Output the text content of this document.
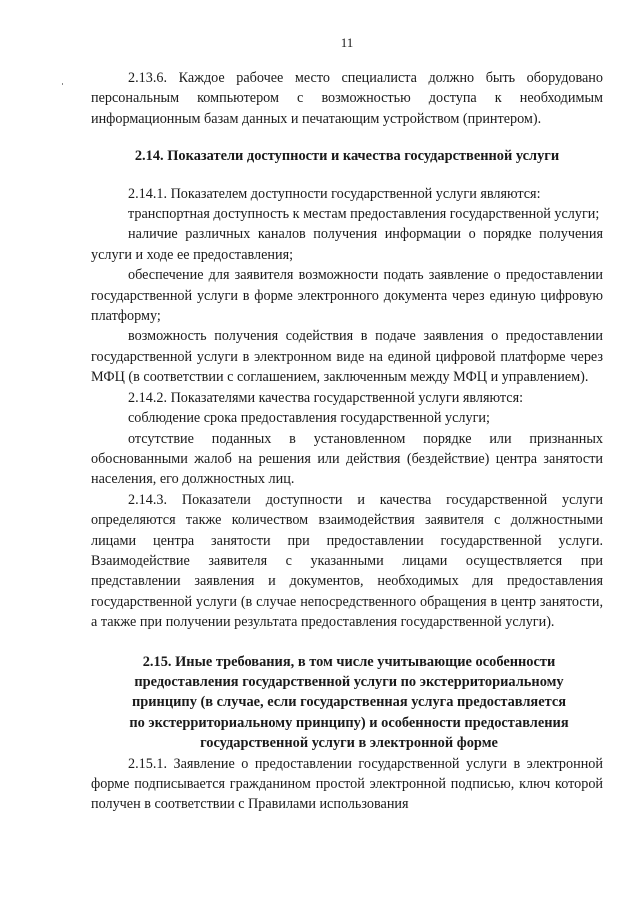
11

2.13.6. Каждое рабочее место специалиста должно быть оборудовано персональным компьютером с возможностью доступа к необходимым информационным базам данных и печатающим устройством (принтером).

2.14. Показатели доступности и качества государственной услуги

2.14.1. Показателем доступности государственной услуги являются:

транспортная доступность к местам предоставления государственной услуги;

наличие различных каналов получения информации о порядке получения услуги и ходе ее предоставления;

обеспечение для заявителя возможности подать заявление о предоставлении государственной услуги в форме электронного документа через единую цифровую платформу;

возможность получения содействия в подаче заявления о предоставлении государственной услуги в электронном виде на единой цифровой платформе через МФЦ (в соответствии с соглашением, заключенным между МФЦ и управлением).

2.14.2. Показателями качества государственной услуги являются:

соблюдение срока предоставления государственной услуги;

отсутствие поданных в установленном порядке или признанных обоснованными жалоб на решения или действия (бездействие) центра занятости населения, его должностных лиц.

2.14.3. Показатели доступности и качества государственной услуги определяются также количеством взаимодействия заявителя с должностными лицами центра занятости при предоставлении государственной услуги. Взаимодействие заявителя с указанными лицами осуществляется при представлении заявления и документов, необходимых для предоставления государственной услуги (в случае непосредственного обращения в центр занятости, а также при получении результата предоставления государственной услуги).

2.15. Иные требования, в том числе учитывающие особенности
предоставления государственной услуги по экстерриториальному
принципу (в случае, если государственная услуга предоставляется
по экстерриториальному принципу) и особенности предоставления
государственной услуги в электронной форме

2.15.1. Заявление о предоставлении государственной услуги в электронной форме подписывается гражданином простой электронной подписью, ключ которой получен в соответствии с Правилами использования
